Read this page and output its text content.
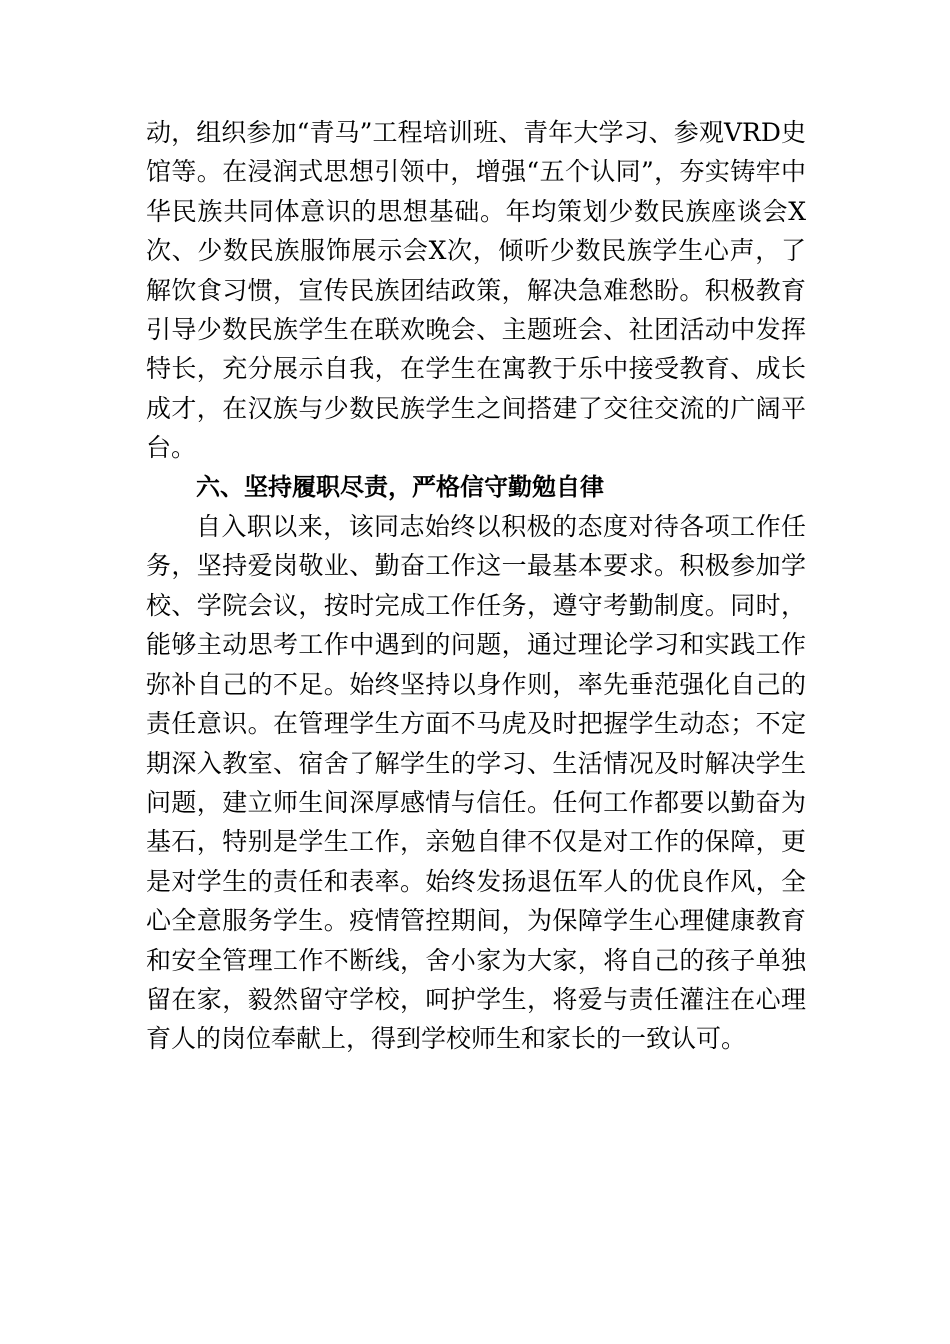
动，组织参加“青马”工程培训班、青年大学习、参观VRD史馆等。在浸润式思想引领中，增强“五个认同”，夯实铸牢中华民族共同体意识的思想基础。年均策划少数民族座谈会X次、少数民族服饰展示会X次，倾听少数民族学生心声，了解饮食习惯，宣传民族团结政策，解决急难愁盼。积极教育引导少数民族学生在联欢晚会、主题班会、社团活动中发挥特长，充分展示自我，在学生在寓教于乐中接受教育、成长成才，在汉族与少数民族学生之间搭建了交往交流的广阔平台。

六、坚持履职尽责，严格信守勤勉自律

自入职以来，该同志始终以积极的态度对待各项工作任务，坚持爱岗敬业、勤奋工作这一最基本要求。积极参加学校、学院会议，按时完成工作任务，遵守考勤制度。同时，能够主动思考工作中遇到的问题，通过理论学习和实践工作弥补自己的不足。始终坚持以身作则，率先垂范强化自己的责任意识。在管理学生方面不马虎及时把握学生动态；不定期深入教室、宿舍了解学生的学习、生活情况及时解决学生问题，建立师生间深厚感情与信任。任何工作都要以勤奋为基石，特别是学生工作，亲勉自律不仅是对工作的保障，更是对学生的责任和表率。始终发扬退伍军人的优良作风，全心全意服务学生。疫情管控期间，为保障学生心理健康教育和安全管理工作不断线，舍小家为大家，将自己的孩子单独留在家，毅然留守学校，呵护学生，将爱与责任灌注在心理育人的岗位奉献上，得到学校师生和家长的一致认可。
